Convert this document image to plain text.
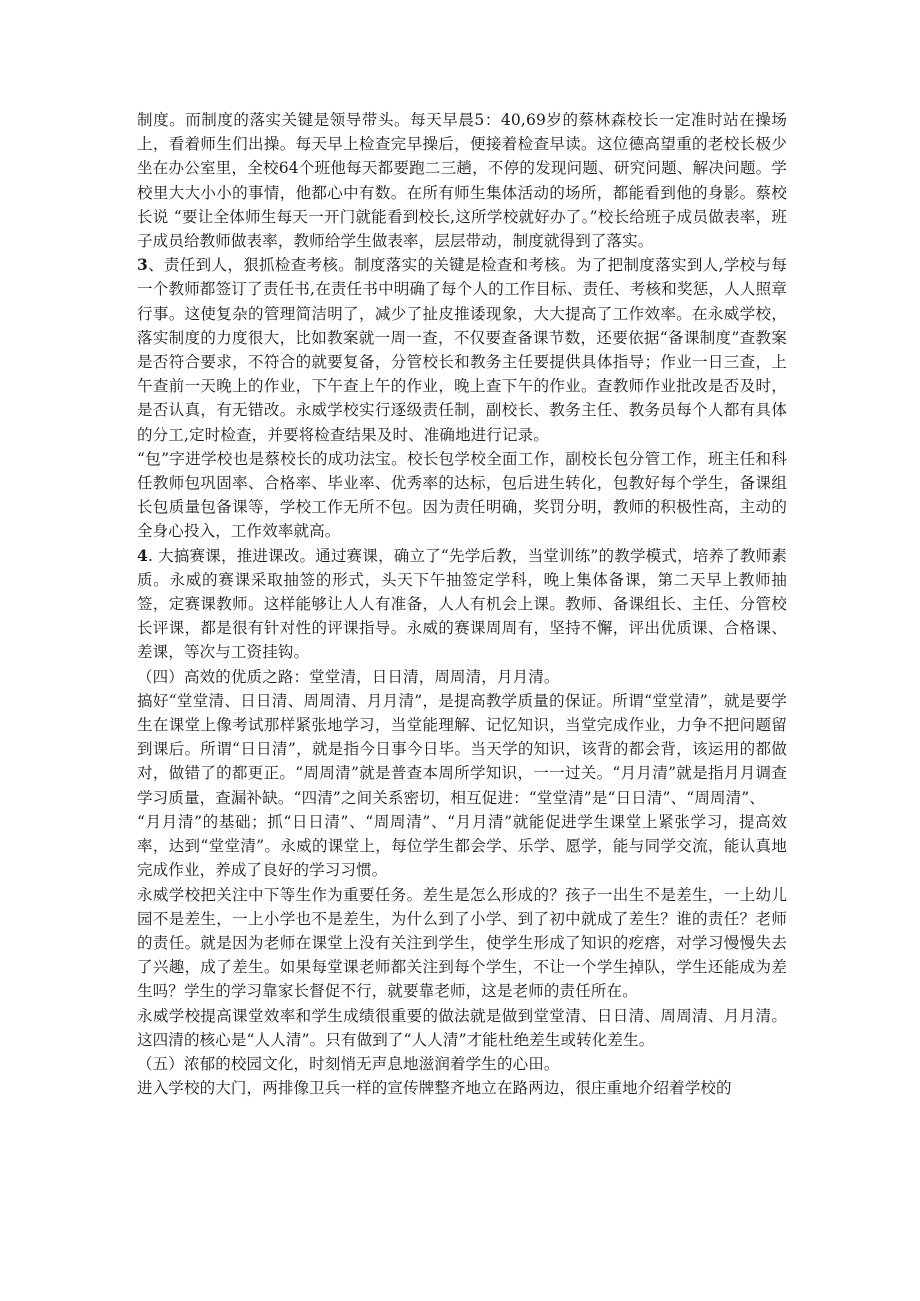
制度。而制度的落实关键是领导带头。每天早晨5：40,69岁的蔡林森校长一定准时站在操场上，看着师生们出操。每天早上检查完早操后，便接着检查早读。这位德高望重的老校长极少坐在办公室里，全校64个班他每天都要跑二三趟，不停的发现问题、研究问题、解决问题。学校里大大小小的事情，他都心中有数。在所有师生集体活动的场所，都能看到他的身影。蔡校长说 “要让全体师生每天一开门就能看到校长,这所学校就好办了。”校长给班子成员做表率，班子成员给教师做表率，教师给学生做表率，层层带动，制度就得到了落实。

3、责任到人，狠抓检查考核。制度落实的关键是检查和考核。为了把制度落实到人,学校与每一个教师都签订了责任书,在责任书中明确了每个人的工作目标、责任、考核和奖惩，人人照章行事。这使复杂的管理简洁明了，减少了扯皮推诿现象，大大提高了工作效率。在永威学校，落实制度的力度很大，比如教案就一周一查，不仅要查备课节数，还要依据“备课制度”查教案是否符合要求，不符合的就要复备，分管校长和教务主任要提供具体指导；作业一日三查，上午查前一天晚上的作业，下午查上午的作业，晚上查下午的作业。查教师作业批改是否及时，是否认真，有无错改。永威学校实行逐级责任制，副校长、教务主任、教务员每个人都有具体的分工,定时检查，并要将检查结果及时、准确地进行记录。

“包”字进学校也是蔡校长的成功法宝。校长包学校全面工作，副校长包分管工作，班主任和科任教师包巩固率、合格率、毕业率、优秀率的达标，包后进生转化，包教好每个学生，备课组长包质量包备课等，学校工作无所不包。因为责任明确，奖罚分明，教师的积极性高，主动的全身心投入，工作效率就高。

4. 大搞赛课，推进课改。通过赛课，确立了“先学后教，当堂训练”的教学模式，培养了教师素质。永威的赛课采取抽签的形式，头天下午抽签定学科，晚上集体备课，第二天早上教师抽签，定赛课教师。这样能够让人人有准备，人人有机会上课。教师、备课组长、主任、分管校长评课，都是很有针对性的评课指导。永威的赛课周周有，坚持不懈，评出优质课、合格课、差课，等次与工资挂钩。

（四）高效的优质之路：堂堂清，日日清，周周清，月月清。

搞好“堂堂清、日日清、周周清、月月清”，是提高教学质量的保证。所谓“堂堂清”，就是要学生在课堂上像考试那样紧张地学习，当堂能理解、记忆知识，当堂完成作业，力争不把问题留到课后。所谓“日日清”，就是指今日事今日毕。当天学的知识，该背的都会背，该运用的都做对，做错了的都更正。“周周清”就是普查本周所学知识，一一过关。“月月清”就是指月月调查学习质量，查漏补缺。“四清”之间关系密切，相互促进：“堂堂清”是“日日清”、“周周清”、

“月月清”的基础；抓“日日清”、“周周清”、“月月清”就能促进学生课堂上紧张学习，提高效率，达到“堂堂清”。永威的课堂上，每位学生都会学、乐学、愿学，能与同学交流，能认真地完成作业，养成了良好的学习习惯。

永威学校把关注中下等生作为重要任务。差生是怎么形成的？孩子一出生不是差生，一上幼儿园不是差生，一上小学也不是差生，为什么到了小学、到了初中就成了差生？谁的责任？老师的责任。就是因为老师在课堂上没有关注到学生，使学生形成了知识的疙瘩，对学习慢慢失去了兴趣，成了差生。如果每堂课老师都关注到每个学生，不让一个学生掉队，学生还能成为差生吗？学生的学习靠家长督促不行，就要靠老师，这是老师的责任所在。

永威学校提高课堂效率和学生成绩很重要的做法就是做到堂堂清、日日清、周周清、月月清。这四清的核心是“人人清”。只有做到了“人人清”才能杜绝差生或转化差生。

（五）浓郁的校园文化，时刻悄无声息地滋润着学生的心田。

进入学校的大门，两排像卫兵一样的宣传牌整齐地立在路两边，很庄重地介绍着学校的
